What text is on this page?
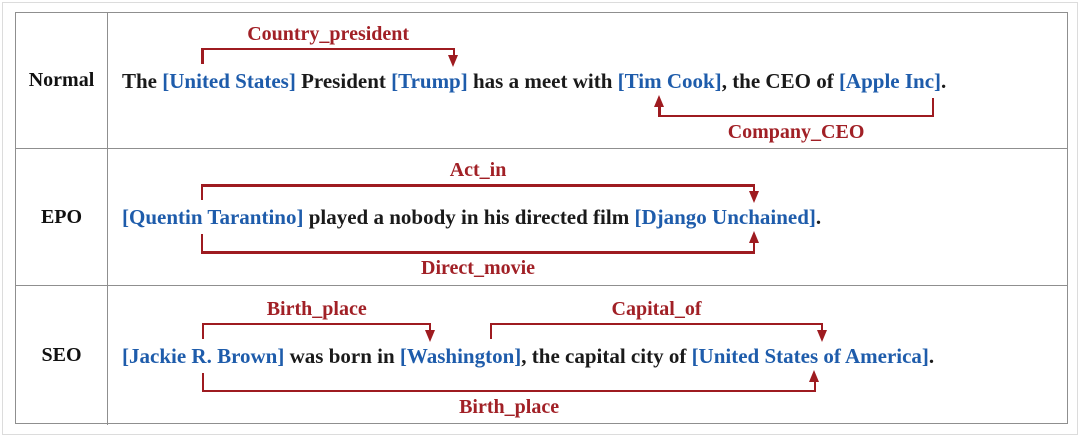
Normal The [United States] President [Trump] has a meet with [Tim Cook], the CEO of [Apple Inc].
Country_president
Company_CEO
EPO [Quentin Tarantino] played a nobody in his directed film [Django Unchained].
Act_in
Direct_movie
SEO [Jackie R. Brown] was born in [Washington], the capital city of [United States of America].
Birth_place	Capital_of
Birth_place
